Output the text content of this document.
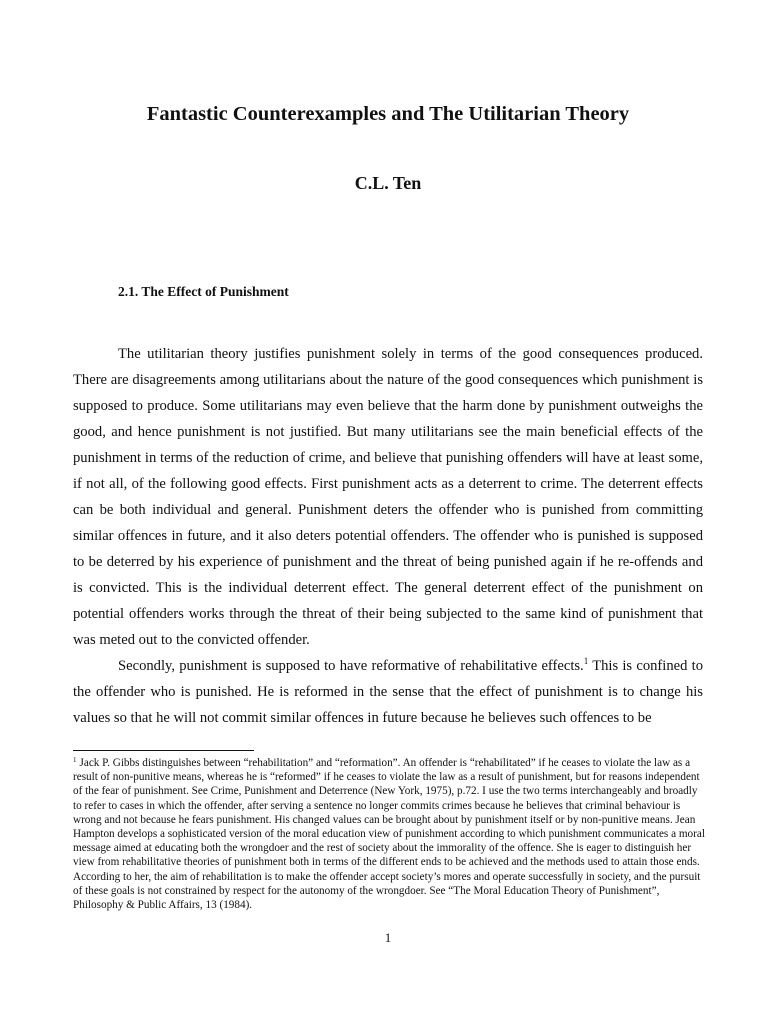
Fantastic Counterexamples and The Utilitarian Theory
C.L. Ten
2.1. The Effect of Punishment

The utilitarian theory justifies punishment solely in terms of the good consequences produced. There are disagreements among utilitarians about the nature of the good consequences which punishment is supposed to produce. Some utilitarians may even believe that the harm done by punishment outweighs the good, and hence punishment is not justified. But many utilitarians see the main beneficial effects of the punishment in terms of the reduction of crime, and believe that punishing offenders will have at least some, if not all, of the following good effects. First punishment acts as a deterrent to crime. The deterrent effects can be both individual and general. Punishment deters the offender who is punished from committing similar offences in future, and it also deters potential offenders. The offender who is punished is supposed to be deterred by his experience of punishment and the threat of being punished again if he re-offends and is convicted. This is the individual deterrent effect. The general deterrent effect of the punishment on potential offenders works through the threat of their being subjected to the same kind of punishment that was meted out to the convicted offender.

Secondly, punishment is supposed to have reformative of rehabilitative effects.$^1$ This is confined to the offender who is punished. He is reformed in the sense that the effect of punishment is to change his values so that he will not commit similar offences in future because he believes such offences to be

$^1$ Jack P. Gibbs distinguishes between “rehabilitation” and “reformation”. An offender is “rehabilitated” if he ceases to violate the law as a result of non-punitive means, whereas he is “reformed” if he ceases to violate the law as a result of punishment, but for reasons independent of the fear of punishment. See Crime, Punishment and Deterrence (New York, 1975), p.72. I use the two terms interchangeably and broadly to refer to cases in which the offender, after serving a sentence no longer commits crimes because he believes that criminal behaviour is wrong and not because he fears punishment. His changed values can be brought about by punishment itself or by non-punitive means. Jean Hampton develops a sophisticated version of the moral education view of punishment according to which punishment communicates a moral message aimed at educating both the wrongdoer and the rest of society about the immorality of the offence. She is eager to distinguish her view from rehabilitative theories of punishment both in terms of the different ends to be achieved and the methods used to attain those ends. According to her, the aim of rehabilitation is to make the offender accept society’s mores and operate successfully in society, and the pursuit of these goals is not constrained by respect for the autonomy of the wrongdoer. See “The Moral Education Theory of Punishment”, Philosophy & Public Affairs, 13 (1984).
1
